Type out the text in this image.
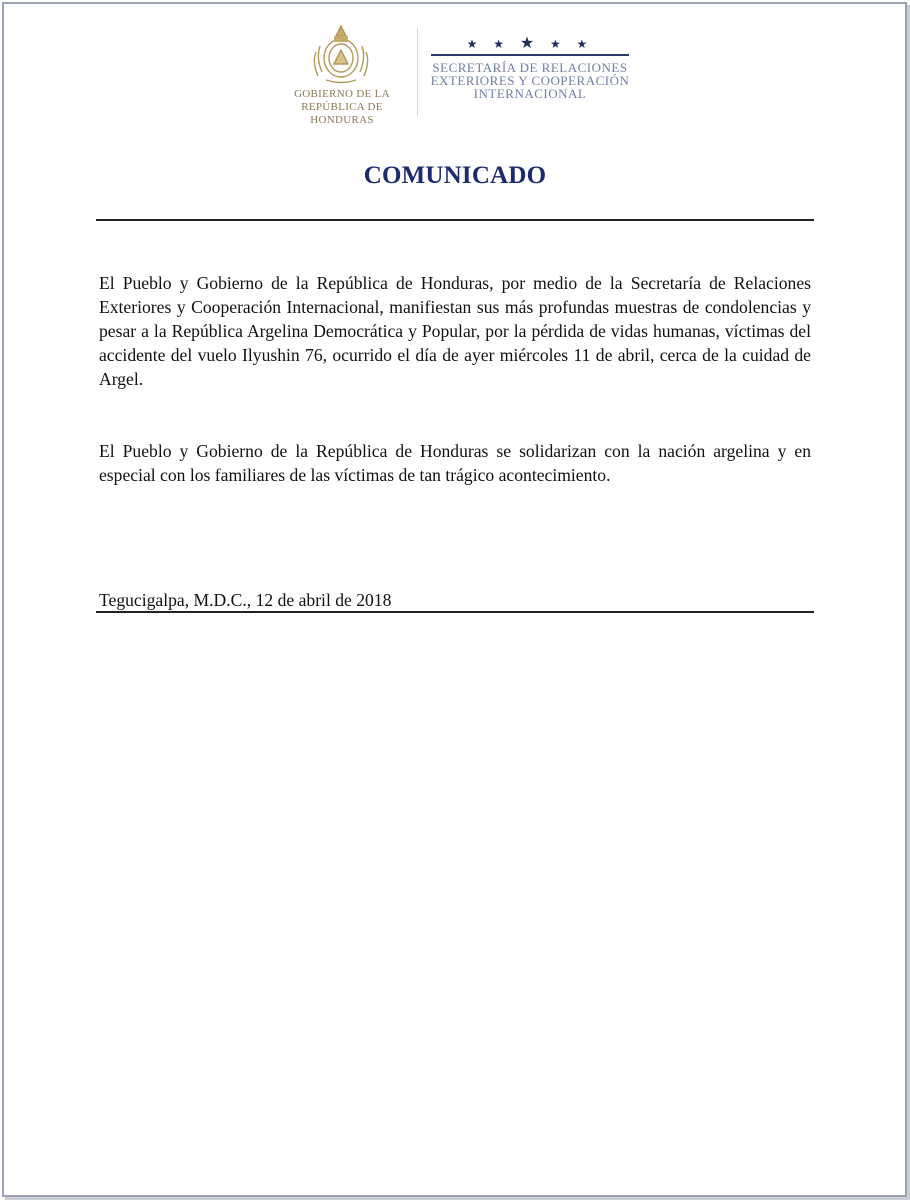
GOBIERNO DE LA
REPÚBLICA DE HONDURAS
★ ★ ★ ★ ★
SECRETARÍA DE RELACIONES
EXTERIORES Y COOPERACIÓN
INTERNACIONAL
COMUNICADO
El Pueblo y Gobierno de la República de Honduras, por medio de la Secretaría de Relaciones Exteriores y Cooperación Internacional, manifiestan sus más profundas muestras de condolencias y pesar a la República Argelina Democrática y Popular, por la pérdida de vidas humanas, víctimas del accidente del vuelo Ilyushin 76, ocurrido el día de ayer miércoles 11 de abril, cerca de la cuidad de Argel.
El Pueblo y Gobierno de la República de Honduras se solidarizan con la nación argelina y en especial con los familiares de las víctimas de tan trágico acontecimiento.
Tegucigalpa, M.D.C., 12 de abril de 2018
